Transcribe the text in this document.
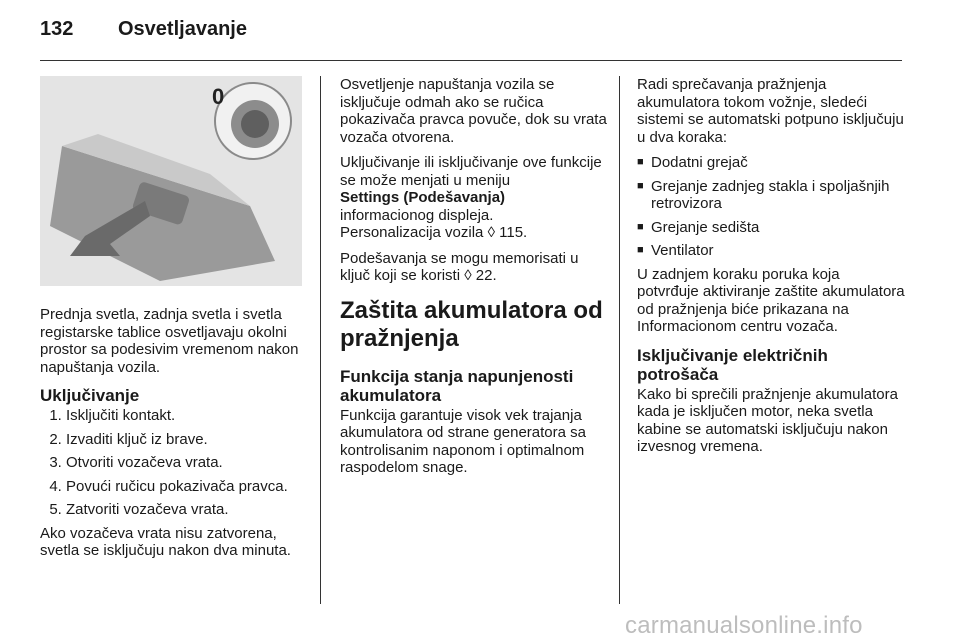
132 Osvetljavanje
0

Prednja svetla, zadnja svetla i svetla registarske tablice osvetljavaju okolni prostor sa podesivim vremenom nakon napuštanja vozila.

Uključivanje
1. Isključiti kontakt.
2. Izvaditi ključ iz brave.
3. Otvoriti vozačeva vrata.
4. Povući ručicu pokazivača pravca.
5. Zatvoriti vozačeva vrata.

Ako vozačeva vrata nisu zatvorena, svetla se isključuju nakon dva minuta.

Osvetljenje napuštanja vozila se isključuje odmah ako se ručica pokazivača pravca povuče, dok su vrata vozača otvorena.

Uključivanje ili isključivanje ove funkcije se može menjati u meniju
Settings (Podešavanja)
informacionog displeja.
Personalizacija vozila ◊ 115.

Podešavanja se mogu memorisati u ključ koji se koristi ◊ 22.

Zaštita akumulatora od pražnjenja
Funkcija stanja napunjenosti akumulatora

Funkcija garantuje visok vek trajanja akumulatora od strane generatora sa kontrolisanim naponom i optimalnom raspodelom snage.

Radi sprečavanja pražnjenja akumulatora tokom vožnje, sledeći sistemi se automatski potpuno isključuju u dva koraka:

■ Dodatni grejač
■ Grejanje zadnjeg stakla i spoljašnjih retrovizora
■ Grejanje sedišta
■ Ventilator

U zadnjem koraku poruka koja potvrđuje aktiviranje zaštite akumulatora od pražnjenja biće prikazana na Informacionom centru vozača.

Isključivanje električnih potrošača

Kako bi sprečili pražnjenje akumulatora kada je isključen motor, neka svetla kabine se automatski isključuju nakon izvesnog vremena.

carmanualsonline.info
